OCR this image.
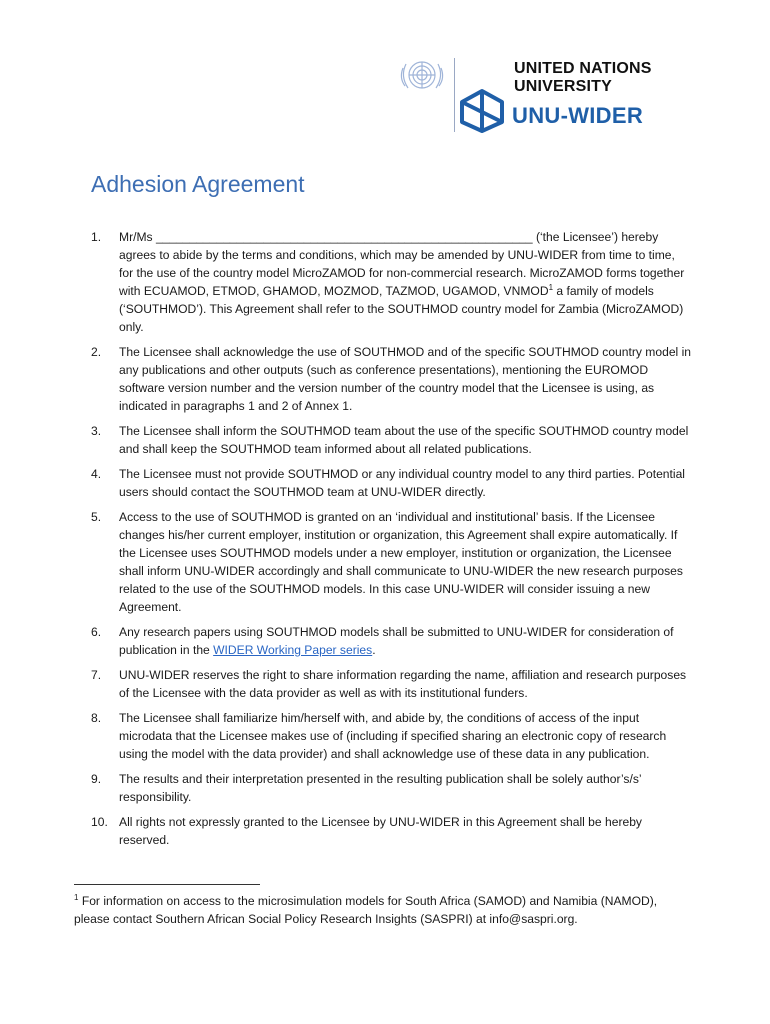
UNITED NATIONS
UNIVERSITY
UNU-WIDER
Adhesion Agreement
1.	Mr/Ms ________________________________________________________ (‘the Licensee’) hereby agrees to abide by the terms and conditions, which may be amended by UNU-WIDER from time to time, for the use of the country model MicroZAMOD for non-commercial research. MicroZAMOD forms together with ECUAMOD, ETMOD, GHAMOD, MOZMOD, TAZMOD, UGAMOD, VNMOD$^1$ a family of models (‘SOUTHMOD’). This Agreement shall refer to the SOUTHMOD country model for Zambia (MicroZAMOD) only.
2.	The Licensee shall acknowledge the use of SOUTHMOD and of the specific SOUTHMOD country model in any publications and other outputs (such as conference presentations), mentioning the EUROMOD software version number and the version number of the country model that the Licensee is using, as indicated in paragraphs 1 and 2 of Annex 1.
3.	The Licensee shall inform the SOUTHMOD team about the use of the specific SOUTHMOD country model and shall keep the SOUTHMOD team informed about all related publications.
4.	The Licensee must not provide SOUTHMOD or any individual country model to any third parties. Potential users should contact the SOUTHMOD team at UNU-WIDER directly.
5.	Access to the use of SOUTHMOD is granted on an ‘individual and institutional’ basis. If the Licensee changes his/her current employer, institution or organization, this Agreement shall expire automatically. If the Licensee uses SOUTHMOD models under a new employer, institution or organization, the Licensee shall inform UNU-WIDER accordingly and shall communicate to UNU-WIDER the new research purposes related to the use of the SOUTHMOD models. In this case UNU-WIDER will consider issuing a new Agreement.
6.	Any research papers using SOUTHMOD models shall be submitted to UNU-WIDER for consideration of publication in the WIDER Working Paper series.
7.	UNU-WIDER reserves the right to share information regarding the name, affiliation and research purposes of the Licensee with the data provider as well as with its institutional funders.
8.	The Licensee shall familiarize him/herself with, and abide by, the conditions of access of the input microdata that the Licensee makes use of (including if specified sharing an electronic copy of research using the model with the data provider) and shall acknowledge use of these data in any publication.
9.	The results and their interpretation presented in the resulting publication shall be solely author’s/s’ responsibility.
10. All rights not expressly granted to the Licensee by UNU-WIDER in this Agreement shall be hereby reserved.
$^1$ For information on access to the microsimulation models for South Africa (SAMOD) and Namibia (NAMOD), please contact Southern African Social Policy Research Insights (SASPRI) at info@saspri.org.
